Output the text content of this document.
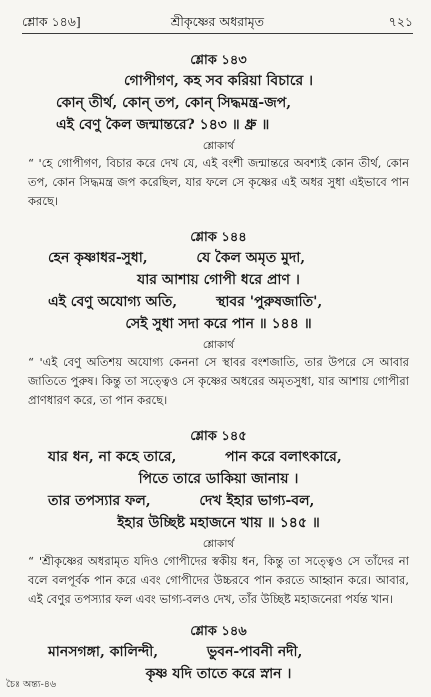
শ্লোক ১৪৬]	শ্রীকৃষ্ণের অধরামৃত	৭২১

শ্লোক ১৪৩

গোপীগণ, কহ সব করিয়া বিচারে ।
কোন্ তীর্থ, কোন্ তপ, কোন্ সিদ্ধমন্ত্র-জপ,
এই বেণু কৈল জন্মান্তরে? ১৪৩ ॥ ধ্রু ॥

শ্লোকার্থ

“ 'হে গোপীগণ, বিচার করে দেখ যে, এই বংশী জন্মান্তরে অবশ্যই কোন তীর্থ, কোন তপ, কোন সিদ্ধমন্ত্র জপ করেছিল, যার ফলে সে কৃষ্ণের এই অধর সুধা এইভাবে পান করছে।

শ্লোক ১৪৪

হেন কৃষ্ণাধর-সুধা,          যে কৈল অমৃত মুদা,
যার আশায় গোপী ধরে প্রাণ ।
এই বেণু অযোগ্য অতি,        স্থাবর 'পুরুষজাতি',
সেই সুধা সদা করে পান ॥ ১৪৪ ॥

শ্লোকার্থ

“ 'এই বেণু অতিশয় অযোগ্য কেননা সে স্থাবর বংশজাতি, তার উপরে সে আবার জাতিতে পুরুষ। কিন্তু তা সত্ত্বেও সে কৃষ্ণের অধরের অমৃতসুধা, যার আশায় গোপীরা প্রাণধারণ করে, তা পান করছে।

শ্লোক ১৪৫

যার ধন, না কহে তারে,          পান করে বলাৎকারে,
পিতে তারে ডাকিয়া জানায় ।
তার তপস্যার ফল,          দেখ ইহার ভাগ্য-বল,
ইহার উচ্ছিষ্ট মহাজনে খায় ॥ ১৪৫ ॥

শ্লোকার্থ

“ 'শ্রীকৃষ্ণের অধরামৃত যদিও গোপীদের স্বকীয় ধন, কিন্তু তা সত্ত্বেও সে তাঁদের না বলে বলপূর্বক পান করে এবং গোপীদের উচ্চরবে পান করতে আহ্বান করে। আবার, এই বেণুর তপস্যার ফল এবং ভাগ্য-বলও দেখ, তাঁর উচ্ছিষ্ট মহাজনেরা পর্যন্ত খান।

শ্লোক ১৪৬

মানসগঙ্গা, কালিন্দী,          ভুবন-পাবনী নদী,
কৃষ্ণ যদি তাতে করে স্নান ।
চৈঃ অন্ত্য-৪৬
